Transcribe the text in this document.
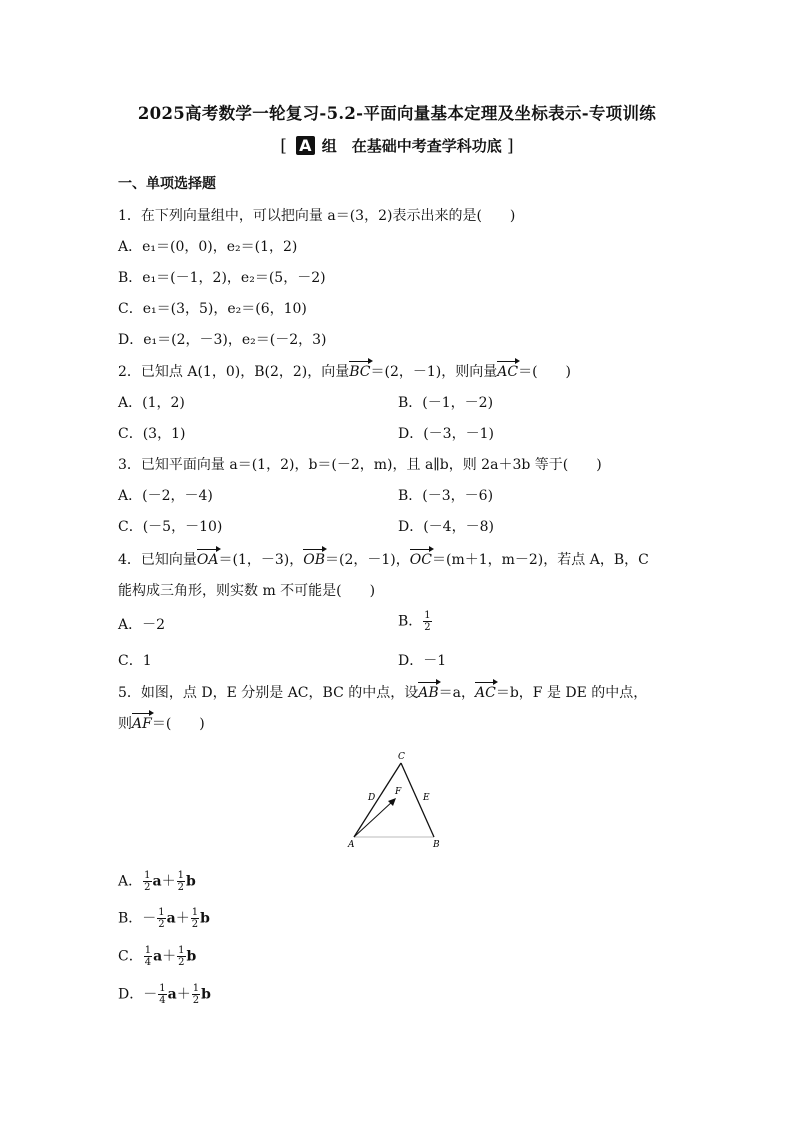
2025高考数学一轮复习-5.2-平面向量基本定理及坐标表示-专项训练
[ A 组　在基础中考查学科功底 ]
一、单项选择题
1．在下列向量组中，可以把向量 a＝(3，2)表示出来的是(　　)
A．e₁＝(0，0)，e₂＝(1，2)
B．e₁＝(－1，2)，e₂＝(5，－2)
C．e₁＝(3，5)，e₂＝(6，10)
D．e₁＝(2，－3)，e₂＝(－2，3)
2．已知点 A(1，0)，B(2，2)，向量BC＝(2，－1)，则向量AC＝(　　)
A．(1，2)	B．(－1，－2)
C．(3，1)	D．(－3，－1)
3．已知平面向量 a＝(1，2)，b＝(－2，m)，且 a∥b，则 2a＋3b 等于(　　)
A．(－2，－4)	B．(－3，－6)
C．(－5，－10)	D．(－4，－8)
4．已知向量OA＝(1，－3)，OB＝(2，－1)，OC＝(m＋1，m－2)，若点 A，B，C
能构成三角形，则实数 m 不可能是(　　)
A．－2	B． $\frac{1}{2}$
C．1	D．－1
5．如图，点 D，E 分别是 AC，BC 的中点，设AB＝a，AC＝b，F 是 DE 的中点，
则AF＝(　　)
C
D
F
E
A	B
A． $\frac{1}{2} a+ \frac{1}{2}$ b
B．－ $\frac{1}{2} a+ \frac{1}{2}$ b
C． $\frac{1}{4} a+ \frac{1}{2}$ b
D．－ $\frac{1}{4} a+ \frac{1}{2}$ b
